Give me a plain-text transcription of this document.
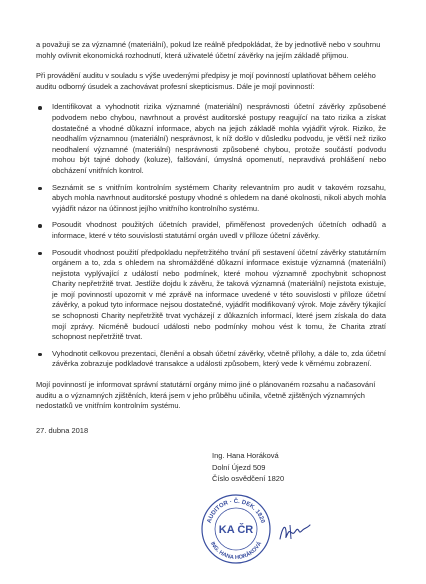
a považuji se za významné (materiální), pokud lze reálně předpokládat, že by jednotlivě nebo v souhrnu mohly ovlivnit ekonomická rozhodnutí, která uživatelé účetní závěrky na jejím základě přijmou.

Při provádění auditu v souladu s výše uvedenými předpisy je mojí povinností uplatňovat během celého auditu odborný úsudek a zachovávat profesní skepticismus. Dále je mojí povinností:

Identifikovat a vyhodnotit rizika významné (materiální) nesprávnosti účetní závěrky způsobené podvodem nebo chybou, navrhnout a provést auditorské postupy reagující na tato rizika a získat dostatečné a vhodné důkazní informace, abych na jejich základě mohla vyjádřit výrok. Riziko, že neodhalím významnou (materiální) nesprávnost, k níž došlo v důsledku podvodu, je větší než riziko neodhalení významné (materiální) nesprávnosti způsobené chybou, protože součástí podvodu mohou být tajné dohody (koluze), falšování, úmyslná opomenutí, nepravdivá prohlášení nebo obcházení vnitřních kontrol.
Seznámit se s vnitřním kontrolním systémem Charity relevantním pro audit v takovém rozsahu, abych mohla navrhnout auditorské postupy vhodné s ohledem na dané okolnosti, nikoli abych mohla vyjádřit názor na účinnost jejího vnitřního kontrolního systému.
Posoudit vhodnost použitých účetních pravidel, přiměřenost provedených účetních odhadů a informace, které v této souvislosti statutární orgán uvedl v příloze účetní závěrky.
Posoudit vhodnost použití předpokladu nepřetržitého trvání při sestavení účetní závěrky statutárním orgánem a to, zda s ohledem na shromážděné důkazní informace existuje významná (materiální) nejistota vyplývající z událostí nebo podmínek, které mohou významně zpochybnit schopnost Charity nepřetržitě trvat. Jestliže dojdu k závěru, že taková významná (materiální) nejistota existuje, je mojí povinností upozornit v mé zprávě na informace uvedené v této souvislosti v příloze účetní závěrky, a pokud tyto informace nejsou dostatečné, vyjádřit modifikovaný výrok. Moje závěry týkající se schopnosti Charity nepřetržitě trvat vycházejí z důkazních informací, které jsem získala do data mojí zprávy. Nicméně budoucí události nebo podmínky mohou vést k tomu, že Charita ztratí schopnost nepřetržitě trvat.
Vyhodnotit celkovou prezentaci, členění a obsah účetní závěrky, včetně přílohy, a dále to, zda účetní závěrka zobrazuje podkladové transakce a události způsobem, který vede k věrnému zobrazení.

Mojí povinností je informovat správní statutární orgány mimo jiné o plánovaném rozsahu a načasování auditu a o významných zjištěních, která jsem v jeho průběhu učinila, včetně zjištěných významných nedostatků ve vnitřním kontrolním systému.

27. dubna 2018
Ing. Hana Horáková
Dolní Újezd 509
Číslo osvědčení 1820
AUDITOR · Č. DEK. 1820
ING. HANA HORÁKOVÁ
KA ČR
